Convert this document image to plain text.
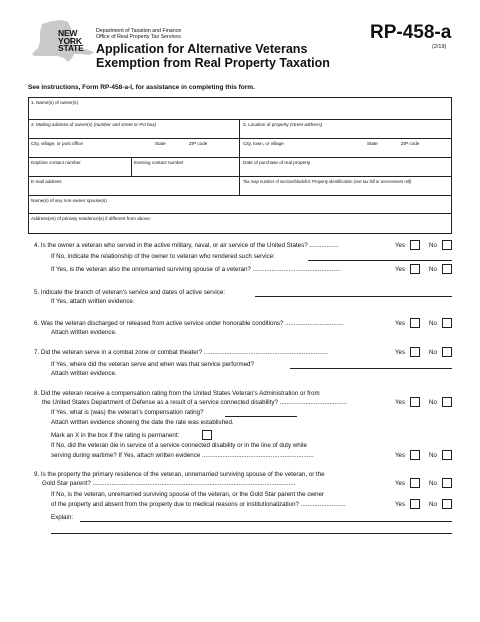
NEW
YORK
STATE
Department of Taxation and Finance
Office of Real Property Tax Services
Application for Alternative Veterans
Exemption from Real Property Taxation
RP-458-a
(2/19)
See instructions, Form RP-458-a-I, for assistance in completing this form.
1. Name(s) of owner(s)
2. Mailing address of owner(s) (number and street or PO box)	3. Location of property (street address)
City, village, or post office	State	ZIP code	City, town, or village	State	ZIP code
Daytime contact number	Evening contact number	Date of purchase of real property
E-mail address	Tax map number of section/block/lot: Property identification (see tax bill or assessment roll)
Name(s) of any non-owner spouse(s)
Address(es) of primary residence(s) if different from above:
4. Is the owner a veteran who served in the active military, naval, or air service of the United States? .................	Yes	No
If No, indicate the relationship of the owner to veteran who rendered such service:
If Yes, is the veteran also the unremarried surviving spouse of a veteran? ...................................................	Yes	No
5. Indicate the branch of veteran's service and dates of active service:
If Yes, attach written evidence.
6. Was the veteran discharged or released from active service under honorable conditions? ..................................	Yes	No
Attach written evidence.
7. Did the veteran serve in a combat zone or combat theater? ........................................................................	Yes	No
If Yes, where did the veteran serve and when was that service performed?
Attach written evidence.
8. Did the veteran receive a compensation rating from the United States Veteran's Administration or from
the United States Department of Defense as a result of a service connected disability? .......................................	Yes	No
If Yes, what is (was) the veteran's compensation rating?
Attach written evidence showing the date the rate was established.
Mark an X in the box if the rating is permanent:
If No, did the veteran die in service of a service connected disability or in the line of duty while
serving during wartime? If Yes, attach written evidence .................................................................	Yes	No
9. Is the property the primary residence of the veteran, unremarried surviving spouse of the veteran, or the
Gold Star parent? ......................................................................................................................	Yes	No
If No, is the veteran, unremarried surviving spouse of the veteran, or the Gold Star parent the owner
of the property and absent from the property due to medical reasons or institutionalization? ..........................	Yes	No
Explain:
